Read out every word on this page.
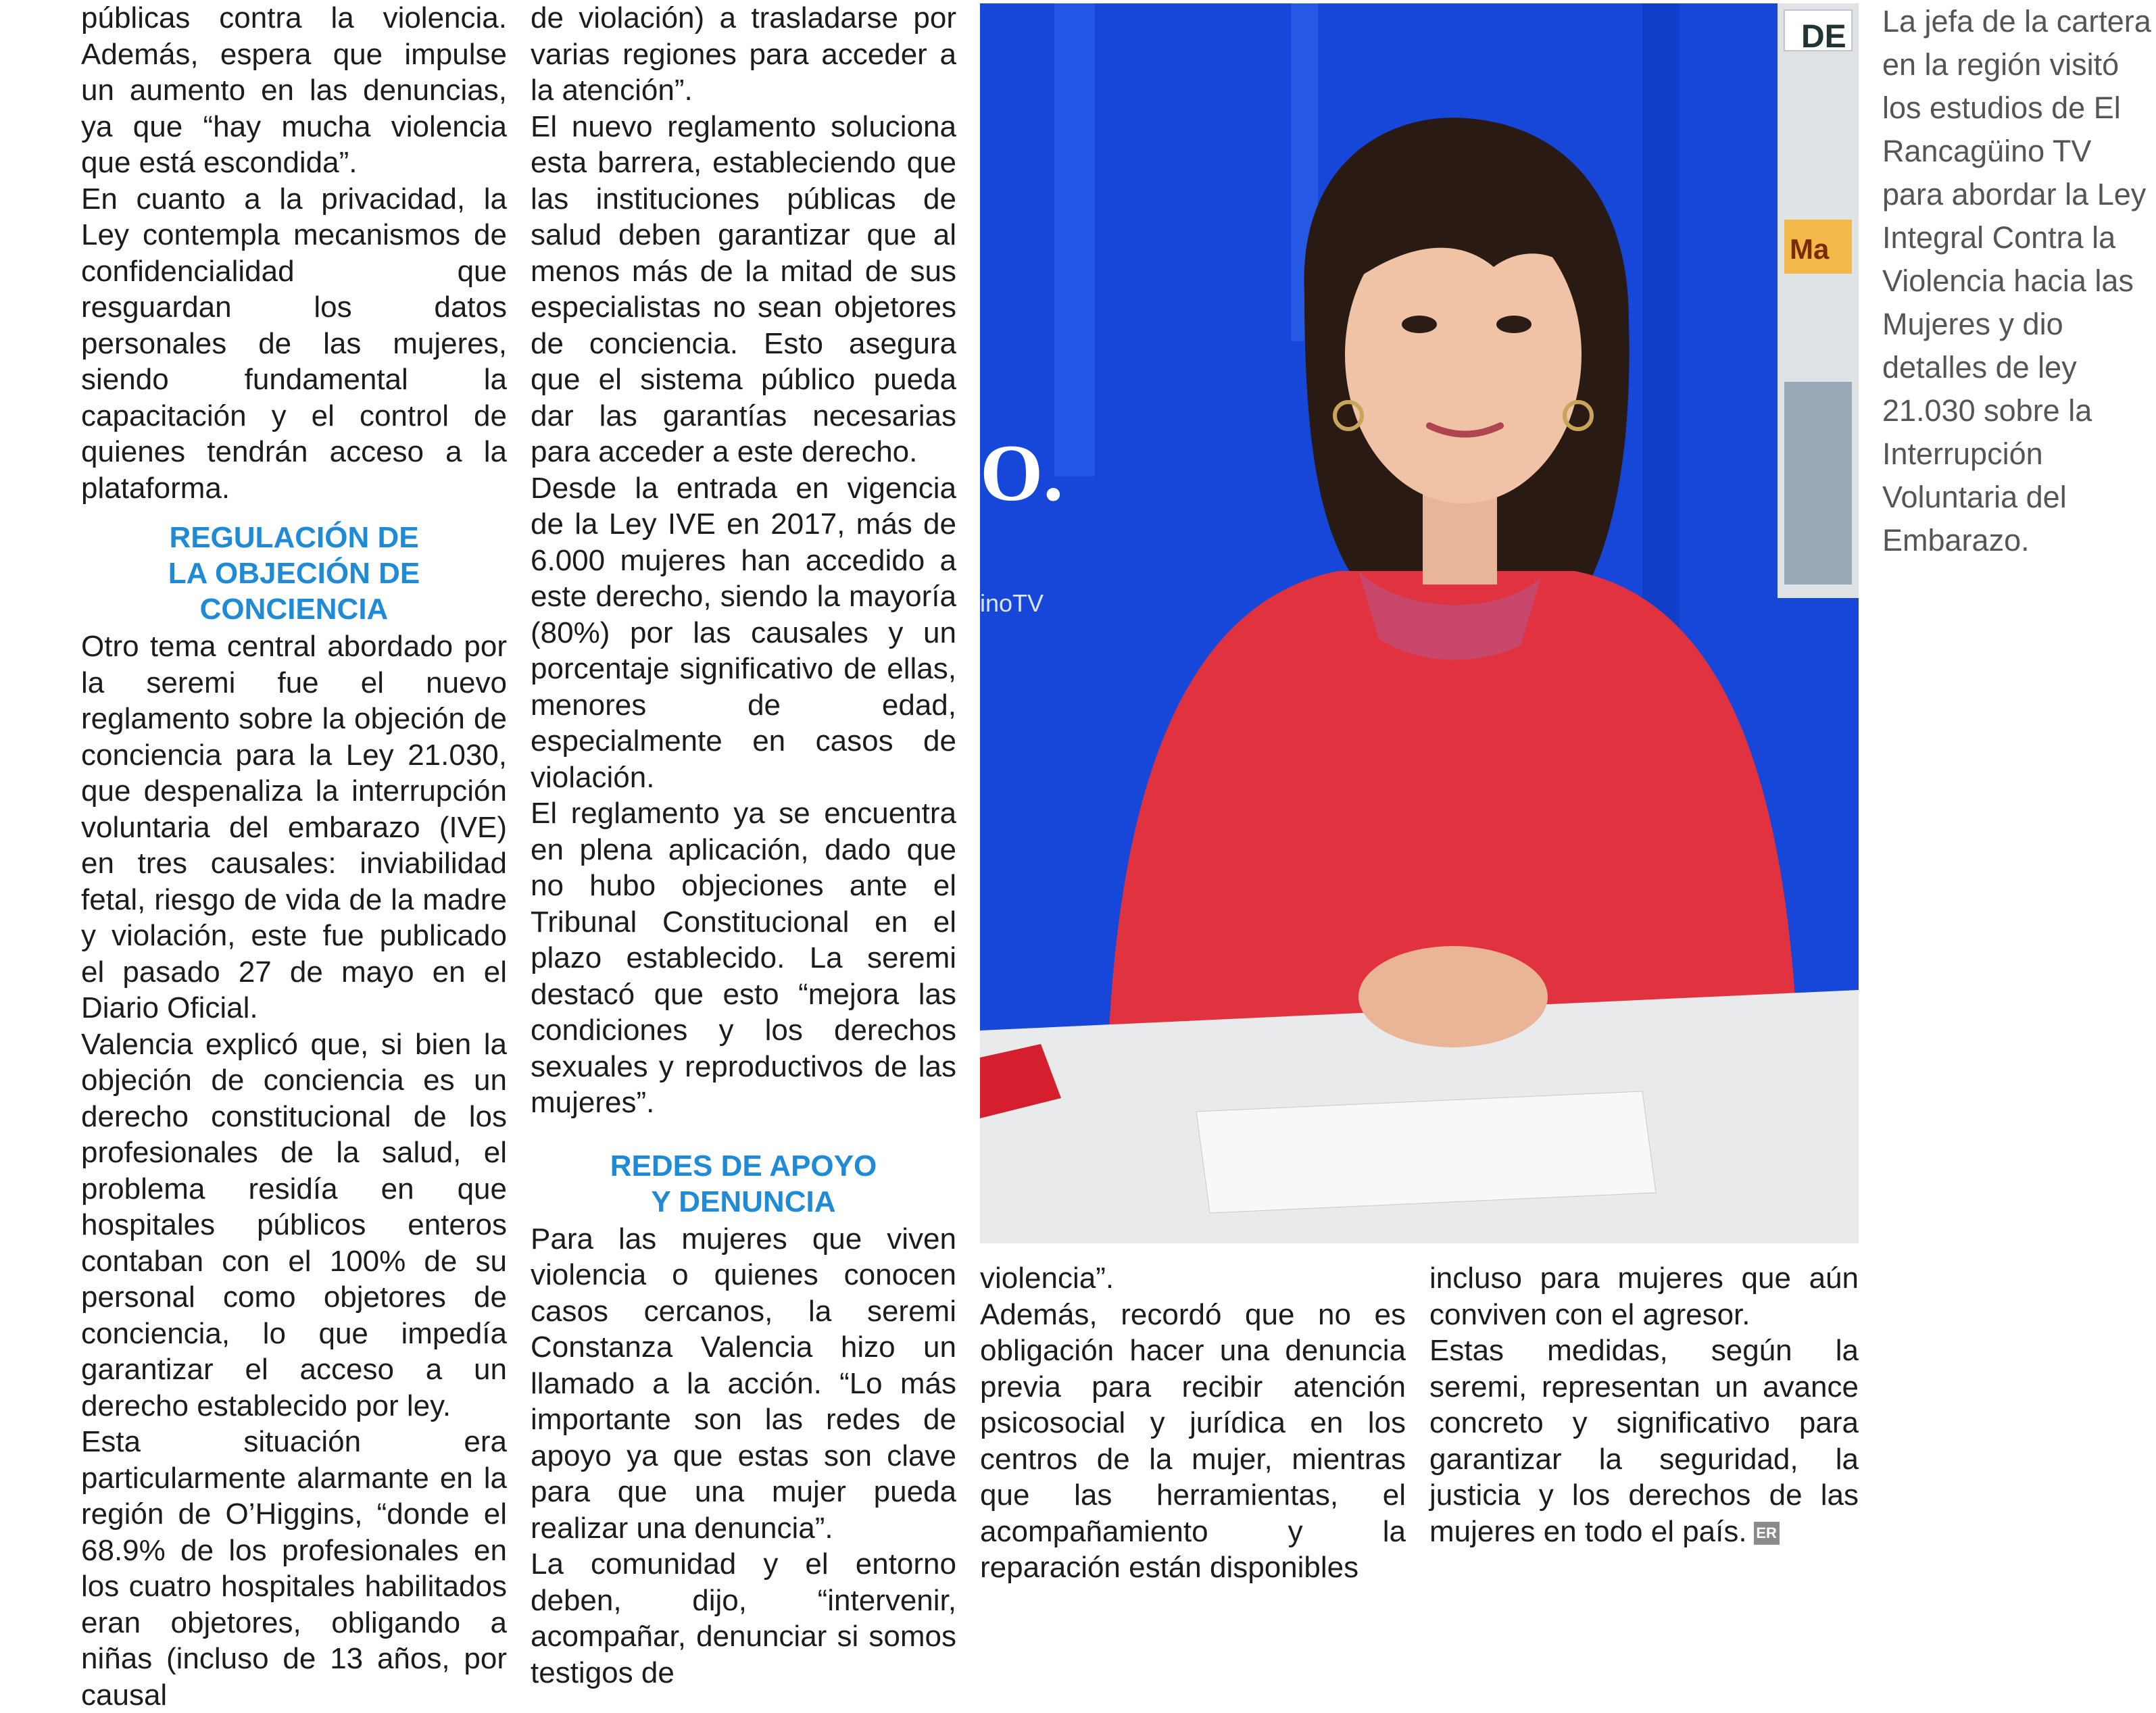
públicas contra la violencia. Además, espera que impulse un aumento en las denuncias, ya que “hay mucha violencia que está escondida”.

En cuanto a la privacidad, la Ley contempla mecanismos de confidencialidad que resguardan los datos personales de las mujeres, siendo fundamental la capacitación y el control de quienes tendrán acceso a la plataforma.

REGULACIÓN DE
LA OBJECIÓN DE CONCIENCIA

Otro tema central abordado por la seremi fue el nuevo reglamento sobre la objeción de conciencia para la Ley 21.030, que despenaliza la interrupción voluntaria del embarazo (IVE) en tres causales: inviabilidad fetal, riesgo de vida de la madre y violación, este fue publicado el pasado 27 de mayo en el Diario Oficial.

Valencia explicó que, si bien la objeción de conciencia es un derecho constitucional de los profesionales de la salud, el problema residía en que hospitales públicos enteros contaban con el 100% de su personal como objetores de conciencia, lo que impedía garantizar el acceso a un derecho establecido por ley.

Esta situación era particularmente alarmante en la región de O’Higgins, “donde el 68.9% de los profesionales en los cuatro hospitales habilitados eran objetores, obligando a niñas (incluso de 13 años, por causal

de violación) a trasladarse por varias regiones para acceder a la atención”.

El nuevo reglamento soluciona esta barrera, estableciendo que las instituciones públicas de salud deben garantizar que al menos más de la mitad de sus especialistas no sean objetores de conciencia. Esto asegura que el sistema público pueda dar las garantías necesarias para acceder a este derecho.

Desde la entrada en vigencia de la Ley IVE en 2017, más de 6.000 mujeres han accedido a este derecho, siendo la mayoría (80%) por las causales y un porcentaje significativo de ellas, menores de edad, especialmente en casos de violación.

El reglamento ya se encuentra en plena aplicación, dado que no hubo objeciones ante el Tribunal Constitucional en el plazo establecido. La seremi destacó que esto “mejora las condiciones y los derechos sexuales y reproductivos de las mujeres”.

REDES DE APOYO
Y DENUNCIA

Para las mujeres que viven violencia o quienes conocen casos cercanos, la seremi Constanza Valencia hizo un llamado a la acción. “Lo más importante son las redes de apoyo ya que estas son clave para que una mujer pueda realizar una denuncia”.

La comunidad y el entorno deben, dijo, “intervenir, acompañar, denunciar si somos testigos de

DE
Ma
O.
inoTV
La jefa de la cartera en la región visitó los estudios de El Rancagüino TV para abordar la Ley Integral Contra la Violencia hacia las Mujeres y dio detalles de ley 21.030 sobre la Interrupción Voluntaria del Embarazo.

violencia”.

Además, recordó que no es obligación hacer una denuncia previa para recibir atención psicosocial y jurídica en los centros de la mujer, mientras que las herramientas, el acompañamiento y la reparación están disponibles

incluso para mujeres que aún conviven con el agresor.

Estas medidas, según la seremi, representan un avance concreto y significativo para garantizar la seguridad, la justicia y los derechos de las mujeres en todo el país. ER
